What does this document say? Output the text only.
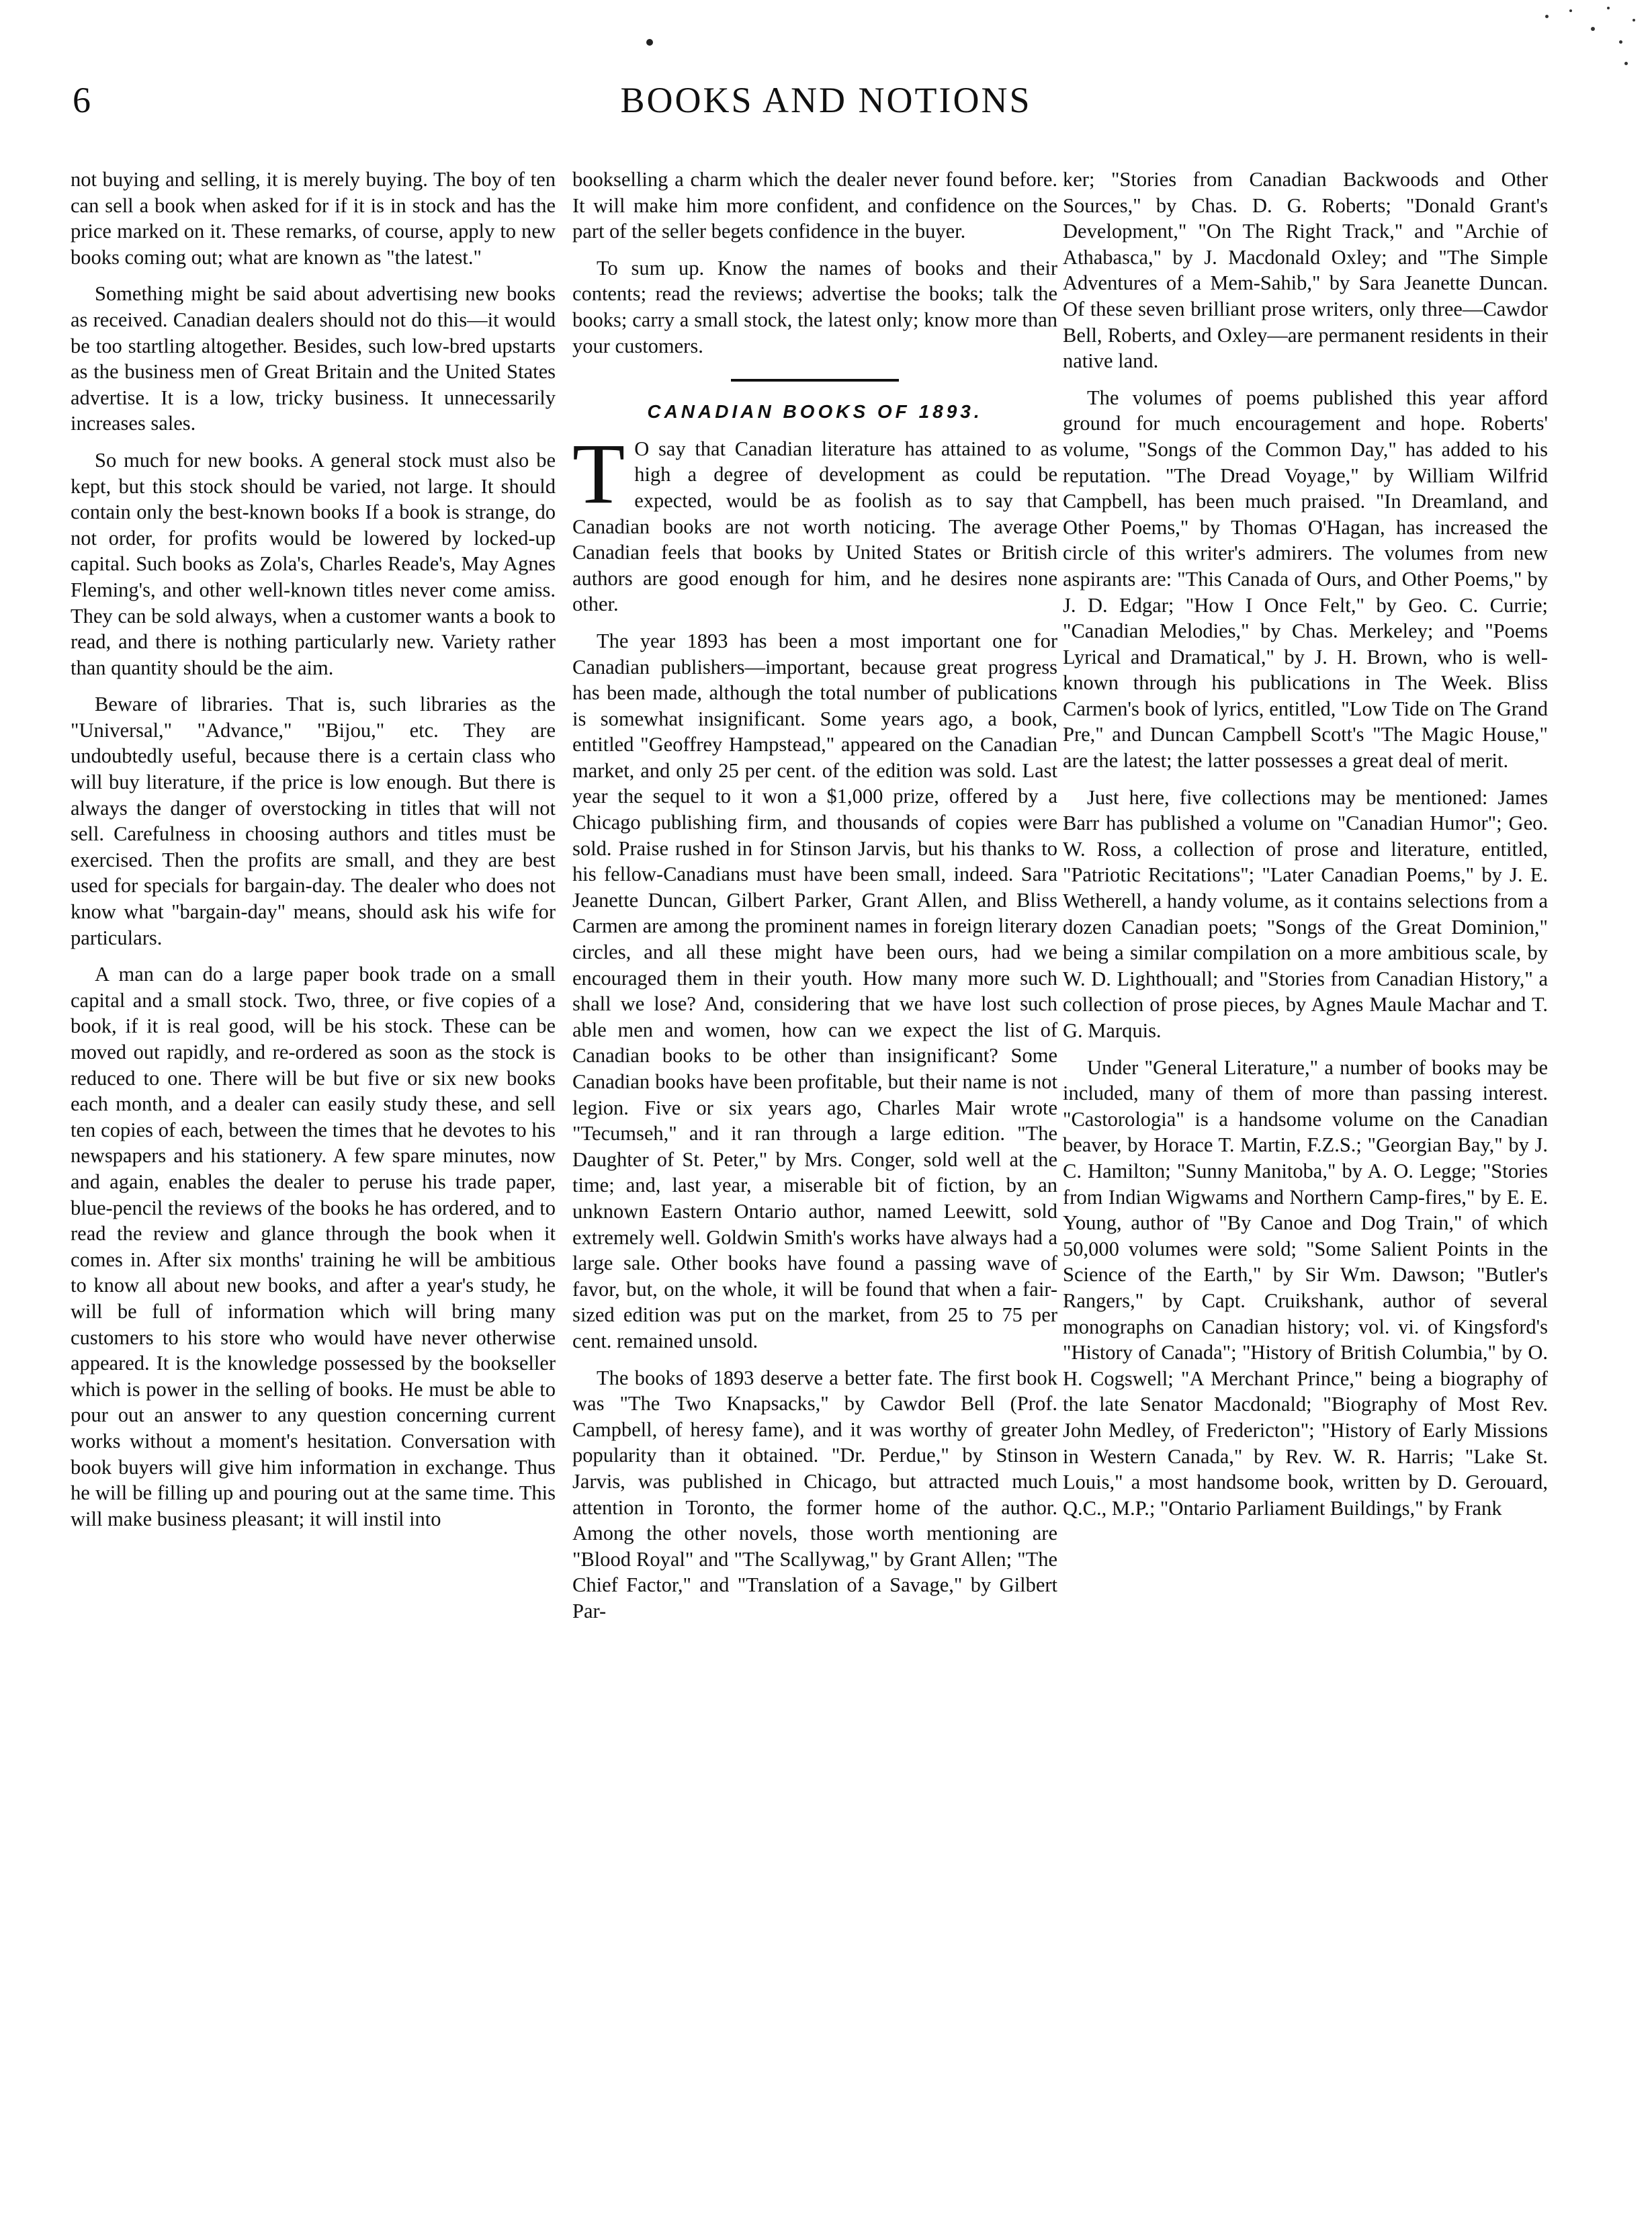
6	BOOKS AND NOTIONS

not buying and selling, it is merely buying. The boy of ten can sell a book when asked for if it is in stock and has the price marked on it. These remarks, of course, apply to new books coming out; what are known as "the latest."

Something might be said about advertising new books as received. Canadian dealers should not do this—it would be too startling altogether. Besides, such low-bred upstarts as the business men of Great Britain and the United States advertise. It is a low, tricky business. It unnecessarily increases sales.

So much for new books. A general stock must also be kept, but this stock should be varied, not large. It should contain only the best-known books If a book is strange, do not order, for profits would be lowered by locked-up capital. Such books as Zola's, Charles Reade's, May Agnes Fleming's, and other well-known titles never come amiss. They can be sold always, when a customer wants a book to read, and there is nothing particularly new. Variety rather than quantity should be the aim.

Beware of libraries. That is, such libraries as the "Universal," "Advance," "Bijou," etc. They are undoubtedly useful, because there is a certain class who will buy literature, if the price is low enough. But there is always the danger of overstocking in titles that will not sell. Carefulness in choosing authors and titles must be exercised. Then the profits are small, and they are best used for specials for bargain-day. The dealer who does not know what "bargain-day" means, should ask his wife for particulars.

A man can do a large paper book trade on a small capital and a small stock. Two, three, or five copies of a book, if it is real good, will be his stock. These can be moved out rapidly, and re-ordered as soon as the stock is reduced to one. There will be but five or six new books each month, and a dealer can easily study these, and sell ten copies of each, between the times that he devotes to his newspapers and his stationery. A few spare minutes, now and again, enables the dealer to peruse his trade paper, blue-pencil the reviews of the books he has ordered, and to read the review and glance through the book when it comes in. After six months' training he will be ambitious to know all about new books, and after a year's study, he will be full of information which will bring many customers to his store who would have never otherwise appeared. It is the knowledge possessed by the bookseller which is power in the selling of books. He must be able to pour out an answer to any question concerning current works without a moment's hesitation. Conversation with book buyers will give him information in exchange. Thus he will be filling up and pouring out at the same time. This will make business pleasant; it will instil into

bookselling a charm which the dealer never found before. It will make him more confident, and confidence on the part of the seller begets confidence in the buyer.

To sum up. Know the names of books and their contents; read the reviews; advertise the books; talk the books; carry a small stock, the latest only; know more than your customers.

CANADIAN BOOKS OF 1893.

T O say that Canadian literature has attained to as high a degree of development as could be expected, would be as foolish as to say that Canadian books are not worth noticing. The average Canadian feels that books by United States or British authors are good enough for him, and he desires none other.

The year 1893 has been a most important one for Canadian publishers—important, because great progress has been made, although the total number of publications is somewhat insignificant. Some years ago, a book, entitled "Geoffrey Hampstead," appeared on the Canadian market, and only 25 per cent. of the edition was sold. Last year the sequel to it won a $1,000 prize, offered by a Chicago publishing firm, and thousands of copies were sold. Praise rushed in for Stinson Jarvis, but his thanks to his fellow-Canadians must have been small, indeed. Sara Jeanette Duncan, Gilbert Parker, Grant Allen, and Bliss Carmen are among the prominent names in foreign literary circles, and all these might have been ours, had we encouraged them in their youth. How many more such shall we lose? And, considering that we have lost such able men and women, how can we expect the list of Canadian books to be other than insignificant? Some Canadian books have been profitable, but their name is not legion. Five or six years ago, Charles Mair wrote "Tecumseh," and it ran through a large edition. "The Daughter of St. Peter," by Mrs. Conger, sold well at the time; and, last year, a miserable bit of fiction, by an unknown Eastern Ontario author, named Leewitt, sold extremely well. Goldwin Smith's works have always had a large sale. Other books have found a passing wave of favor, but, on the whole, it will be found that when a fair-sized edition was put on the market, from 25 to 75 per cent. remained unsold.

The books of 1893 deserve a better fate. The first book was "The Two Knapsacks," by Cawdor Bell (Prof. Campbell, of heresy fame), and it was worthy of greater popularity than it obtained. "Dr. Perdue," by Stinson Jarvis, was published in Chicago, but attracted much attention in Toronto, the former home of the author. Among the other novels, those worth mentioning are "Blood Royal" and "The Scallywag," by Grant Allen; "The Chief Factor," and "Translation of a Savage," by Gilbert Par-

ker; "Stories from Canadian Backwoods and Other Sources," by Chas. D. G. Roberts; "Donald Grant's Development," "On The Right Track," and "Archie of Athabasca," by J. Macdonald Oxley; and "The Simple Adventures of a Mem-Sahib," by Sara Jeanette Duncan. Of these seven brilliant prose writers, only three—Cawdor Bell, Roberts, and Oxley—are permanent residents in their native land.

The volumes of poems published this year afford ground for much encouragement and hope. Roberts' volume, "Songs of the Common Day," has added to his reputation. "The Dread Voyage," by William Wilfrid Campbell, has been much praised. "In Dreamland, and Other Poems," by Thomas O'Hagan, has increased the circle of this writer's admirers. The volumes from new aspirants are: "This Canada of Ours, and Other Poems," by J. D. Edgar; "How I Once Felt," by Geo. C. Currie; "Canadian Melodies," by Chas. Merkeley; and "Poems Lyrical and Dramatical," by J. H. Brown, who is well-known through his publications in The Week. Bliss Carmen's book of lyrics, entitled, "Low Tide on The Grand Pre," and Duncan Campbell Scott's "The Magic House," are the latest; the latter possesses a great deal of merit.

Just here, five collections may be mentioned: James Barr has published a volume on "Canadian Humor"; Geo. W. Ross, a collection of prose and literature, entitled, "Patriotic Recitations"; "Later Canadian Poems," by J. E. Wetherell, a handy volume, as it contains selections from a dozen Canadian poets; "Songs of the Great Dominion," being a similar compilation on a more ambitious scale, by W. D. Lighthouall; and "Stories from Canadian History," a collection of prose pieces, by Agnes Maule Machar and T. G. Marquis.

Under "General Literature," a number of books may be included, many of them of more than passing interest. "Castorologia" is a handsome volume on the Canadian beaver, by Horace T. Martin, F.Z.S.; "Georgian Bay," by J. C. Hamilton; "Sunny Manitoba," by A. O. Legge; "Stories from Indian Wigwams and Northern Camp-fires," by E. E. Young, author of "By Canoe and Dog Train," of which 50,000 volumes were sold; "Some Salient Points in the Science of the Earth," by Sir Wm. Dawson; "Butler's Rangers," by Capt. Cruikshank, author of several monographs on Canadian history; vol. vi. of Kingsford's "History of Canada"; "History of British Columbia," by O. H. Cogswell; "A Merchant Prince," being a biography of the late Senator Macdonald; "Biography of Most Rev. John Medley, of Fredericton"; "History of Early Missions in Western Canada," by Rev. W. R. Harris; "Lake St. Louis," a most handsome book, written by D. Gerouard, Q.C., M.P.; "Ontario Parliament Buildings," by Frank
